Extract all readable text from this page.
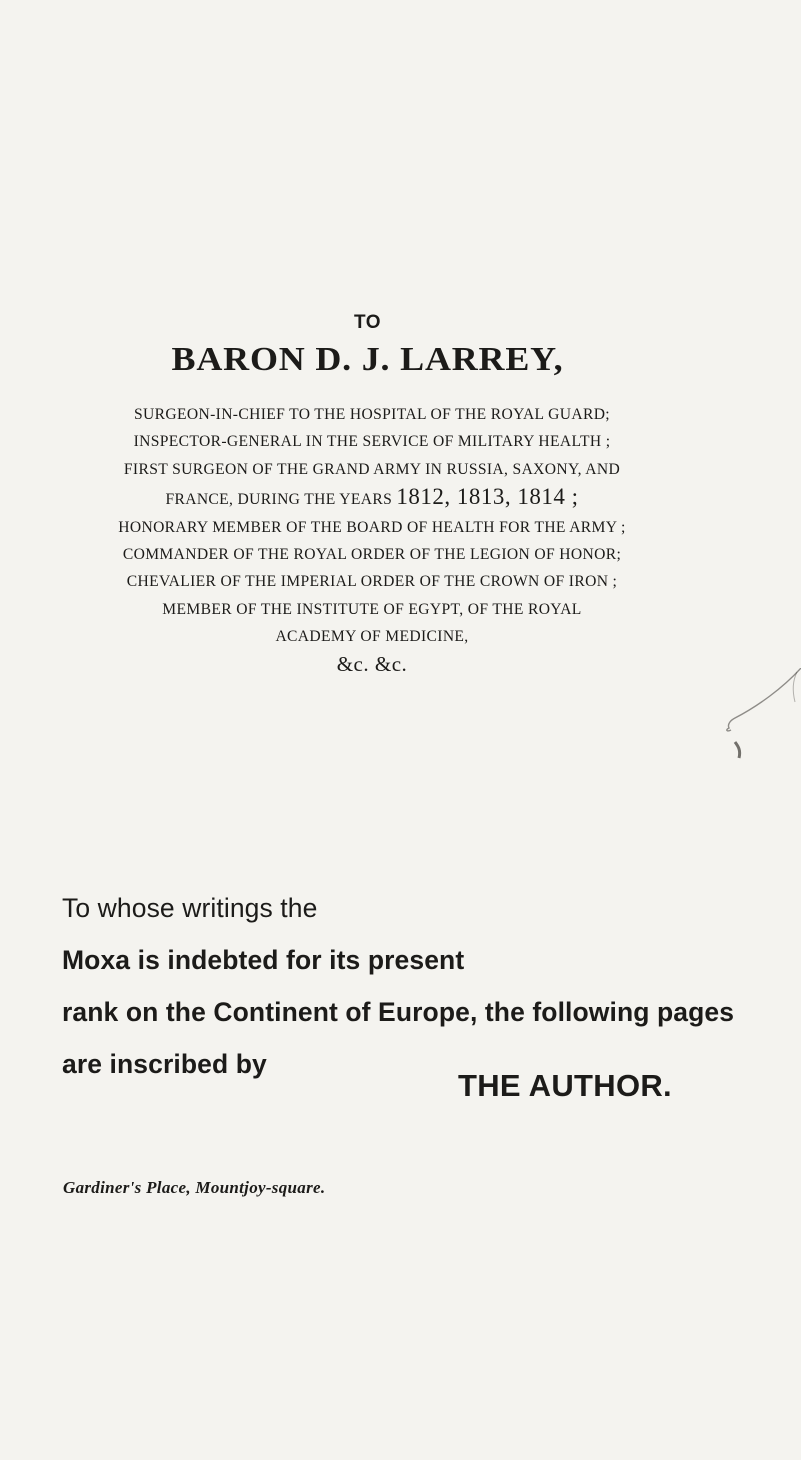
TO
BARON D. J. LARREY,
SURGEON-IN-CHIEF TO THE HOSPITAL OF THE ROYAL GUARD;
INSPECTOR-GENERAL IN THE SERVICE OF MILITARY HEALTH ;
FIRST SURGEON OF THE GRAND ARMY IN RUSSIA, SAXONY, AND
FRANCE, DURING THE YEARS 1812, 1813, 1814 ;
HONORARY MEMBER OF THE BOARD OF HEALTH FOR THE ARMY ;
COMMANDER OF THE ROYAL ORDER OF THE LEGION OF HONOR;
CHEVALIER OF THE IMPERIAL ORDER OF THE CROWN OF IRON ;
MEMBER OF THE INSTITUTE OF EGYPT, OF THE ROYAL
ACADEMY OF MEDICINE,
&c. &c.
To whose writings the
Moxa is indebted for its present
rank on the Continent of Europe, the following pages
are inscribed by
THE AUTHOR.
Gardiner's Place, Mountjoy-square.
